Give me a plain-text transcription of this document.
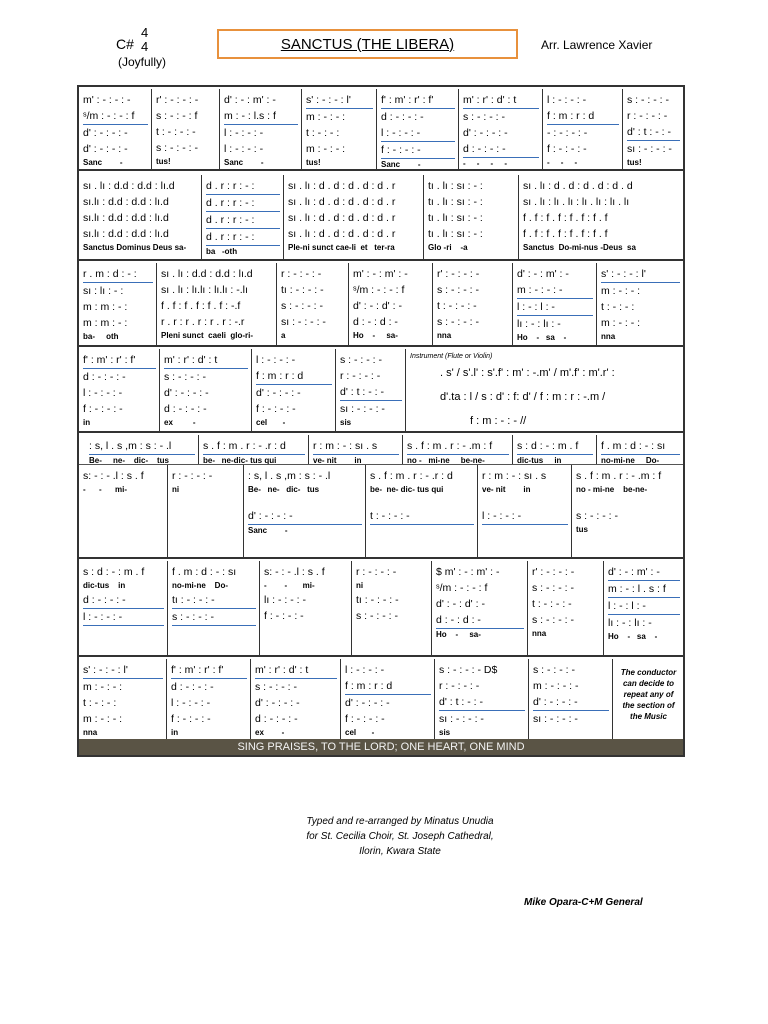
C#
4
4
(Joyfully)
SANCTUS (THE LIBERA)	Arr. Lawrence Xavier
m' : - : - : -
ˢ/m : - : - : f
d' : - : - : -
d' : - : - : -
Sanc        -
r' : - : - : -
s : - : - : f
t : - : - : -
s : - : - : -
tus!
d' : - : m' : -
m : - : l.s : f
l : - : - : -
l : - : - : -
Sanc        -
s' : - : - : l'
m : - : - :
t : - : - :
m : - : - :
tus!
f' : m' : r' : f'
d : - : - : -
l : - : - : -
f : - : - : -
Sanc        -
m' : r' : d' : t
s : - : - : -
d' : - : - : -
d : - : - : -
-     -     -     -
l : - : - : -
f : m : r : d
- : - : - : -
f : - : - : -
-     -     -
s : - : - : -
r : - : - : -
d' : t : - : -
sı : - : - : -
tus!
sı . lı : d.d : d.d : lı.d
sı.lı : d.d : d.d : lı.d
sı.lı : d.d : d.d : lı.d
sı.lı : d.d : d.d : lı.d
Sanctus Dominus Deus sa-
d . r : r : - :
d . r : r : - :
d . r : r : - :
d . r : r : - :
ba   -oth
sı . lı : d . d : d . d : d . r
sı . lı : d . d : d . d : d . r
sı . lı : d . d : d . d : d . r
sı . lı : d . d : d . d : d . r
Ple-ni sunct cae-li  et   ter-ra
tı . lı : sı : - :
tı . lı : sı : - :
tı . lı : sı : - :
tı . lı : sı : - :
Glo -ri    -a
sı . lı : d . d : d . d : d . d
sı . lı : lı . lı : lı . lı : lı . lı
f . f : f . f : f . f : f . f
f . f : f . f : f . f : f . f
Sanctus  Do-mi-nus -Deus  sa
r . m : d : - :
sı : lı : - :
m : m : - :
m : m : - :
ba-     oth
sı . lı : d.d : d.d : lı.d
sı . lı : lı.lı : lı.lı : -.lı
f . f : f . f : f . f : -.f
r . r : r . r : r . r : -.r
Pleni sunct  caeli  glo-ri-
r : - : - : -
tı : - : - : -
s : - : - : -
sı : - : - : -
a
m' : - : m' : -
ˢ/m : - : - : f
d' : - : d' : -
d : - : d : -
Ho    -     sa-
r' : - : - : -
s : - : - : -
t : - : - : -
s : - : - : -
nna
d' : - : m' : -
m : - : - : -
l : - : l : -
lı : - : lı : -
Ho    -   sa    -
s' : - : - : l'
m : - : - :
t : - : - :
m : - : - :
nna
f' : m' : r' : f'
d : - : - : -
l : - : - : -
f : - : - : -
in
m' : r' : d' : t
s : - : - : -
d' : - : - : -
d : - : - : -
ex         -
l : - : - : -
f : m : r : d
d' : - : - : -
f : - : - : -
cel       -
s : - : - : -
r : - : - : -
d' : t : - : -
sı : - : - : -
sis
Instrument (Flute or Violin)
. s' / s'.l' : s'.f' : m' : -.m' / m'.f' : m'.r' :
d'.ta : l / s : d' : f: d' / f : m : r : -.m /
f : m : - : - //
: s, l . s ,m : s : - .l
Be-     ne-    dic-    tus
s . f : m . r : - .r : d
be-   ne-dic- tus qui
r : m : - : sı . s
ve- nit        in
s . f : m . r : - .m : f
no -   mi-ne     be-ne-
s : d : - : m . f
dic-tus     in
f . m : d : - : sı
no-mi-ne     Do-
s: - : - .l : s . f
-      -      mi-
r : - : - : -
ni
: s, l . s ,m : s : - .l
Be-   ne-   dic-   tus
d' : - : - : -
Sanc        -
s . f : m . r : - .r : d
be-  ne- dic- tus qui
t : - : - : -
r : m : - : sı . s
ve- nit        in
l : - : - : -
s . f : m . r : - .m : f
no - mi-ne    be-ne-
s : - : - : -
tus
s : d : - : m . f
dic-tus    in
d : - : - : -
l : - : - : -
f . m : d : - : sı
no-mi-ne    Do-
tı : - : - : -
s : - : - : -
s: - : - .l : s . f
-        -       mi-
lı : - : - : -
f : - : - : -
r : - : - : -
ni
tı : - : - : -
s : - : - : -
$ m' : - : m' : -
ˢ/m : - : - : f
d' : - : d' : -
d : - : d : -
Ho    -     sa-
r' : - : - : -
s : - : - : -
t : - : - : -
s : - : - : -
nna
d' : - : m' : -
m : - : l . s : f
l : - : l : -
lı : - : lı : -
Ho    -   sa    -
s' : - : - : l'
m : - : - :
t : - : - :
m : - : - :
nna
f' : m' : r' : f'
d : - : - : -
l : - : - : -
f : - : - : -
in
m' : r' : d' : t
s : - : - : -
d' : - : - : -
d : - : - : -
ex        -
l : - : - : -
f : m : r : d
d' : - : - : -
f : - : - : -
cel       -
s : - : - : - D$
r : - : - : -
d' : t : - : -
sı : - : - : -
sis
s : - : - : -
m : - : - : -
d' : - : - : -
sı : - : - : -
The conductor can decide to repeat any of the section of the Music
SING PRAISES, TO THE LORD; ONE HEART, ONE MIND
Typed and re-arranged by Minatus Unudia
for St. Cecilia Choir, St. Joseph Cathedral,
Ilorin, Kwara State
Mike Opara-C+M General
